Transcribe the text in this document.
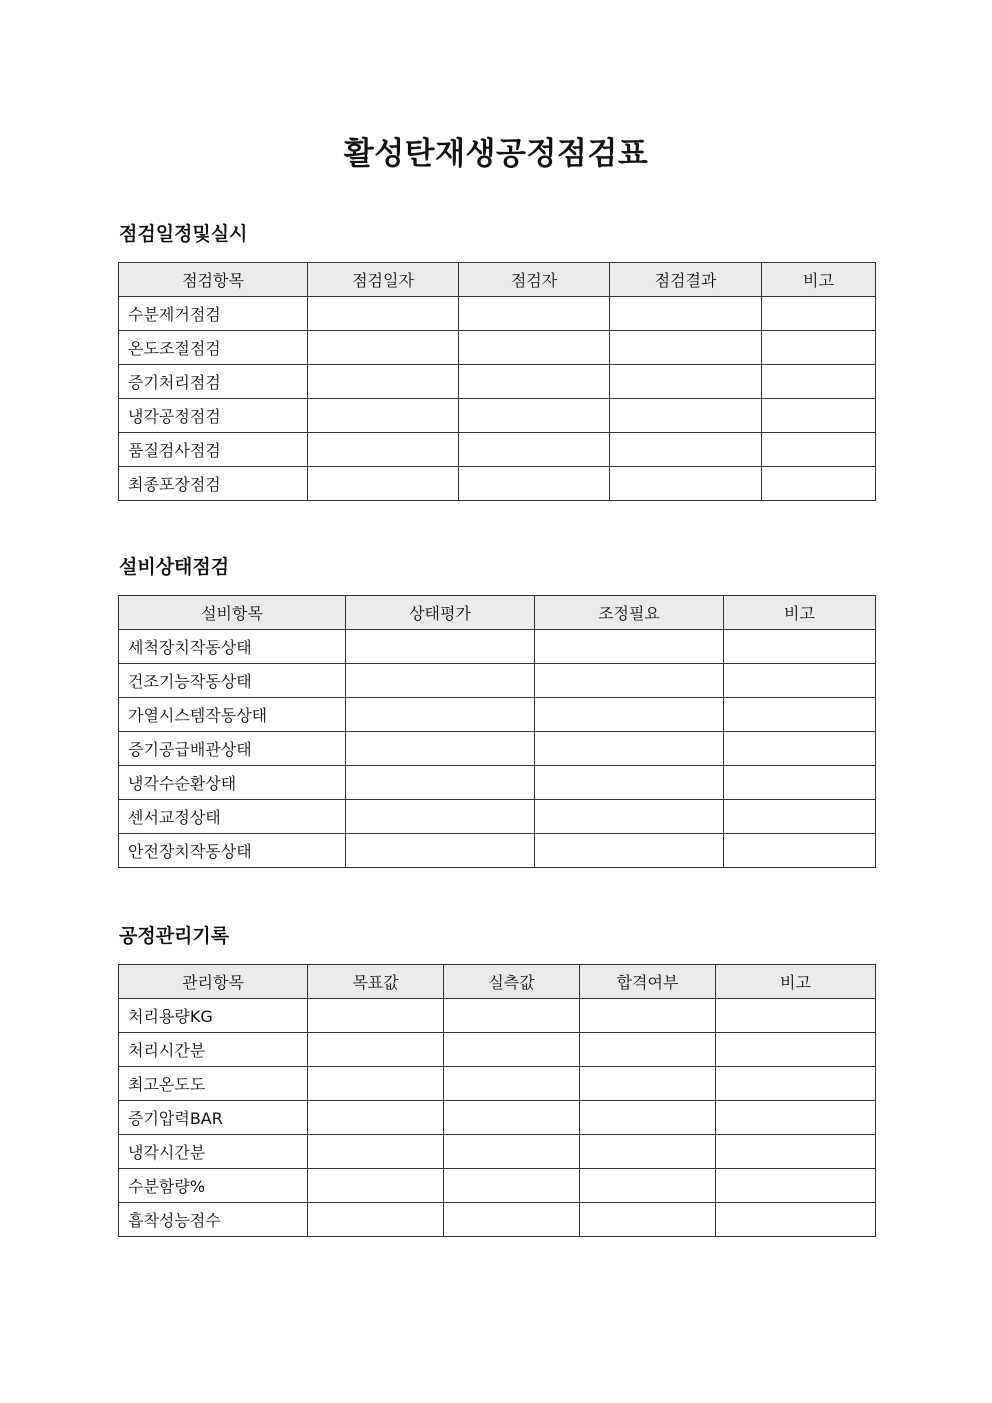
활성탄재생공정점검표
점검일정및실시
점검항목	점검일자	점검자	점검결과	비고
수분제거점검				
온도조절점검				
증기처리점검				
냉각공정점검				
품질검사점검				
최종포장점검				
설비상태점검
설비항목	상태평가	조정필요	비고
세척장치작동상태			
건조기능작동상태			
가열시스템작동상태			
증기공급배관상태			
냉각수순환상태			
센서교정상태			
안전장치작동상태			
공정관리기록
관리항목	목표값	실측값	합격여부	비고
처리용량KG				
처리시간분				
최고온도도				
증기압력BAR				
냉각시간분				
수분함량%				
흡착성능점수				
